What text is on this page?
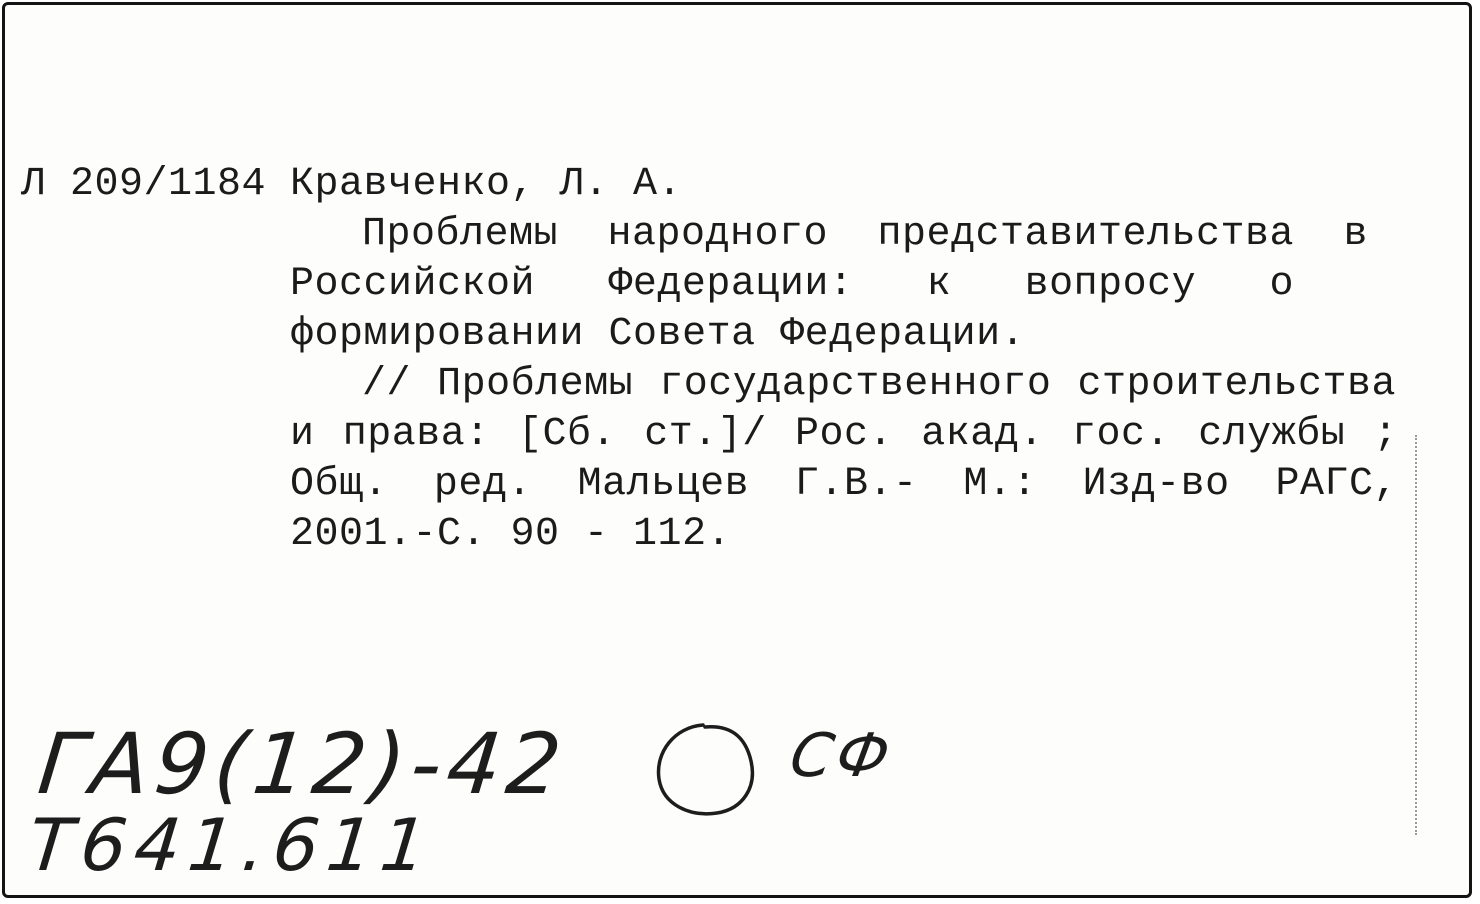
Л 209/1184 Кравченко, Л. А.
Проблемы народного представительства в
Российской Федерации: к вопросу о
формировании Совета Федерации.
// Проблемы государственного строительства
и права: [Сб. ст.]/ Рос. акад. гос. службы ;
Общ. ред. Мальцев Г.В.- М.: Изд-во РАГС,
2001.-С. 90 - 112.
ГА9(12)-42
Т641.611
СФ
